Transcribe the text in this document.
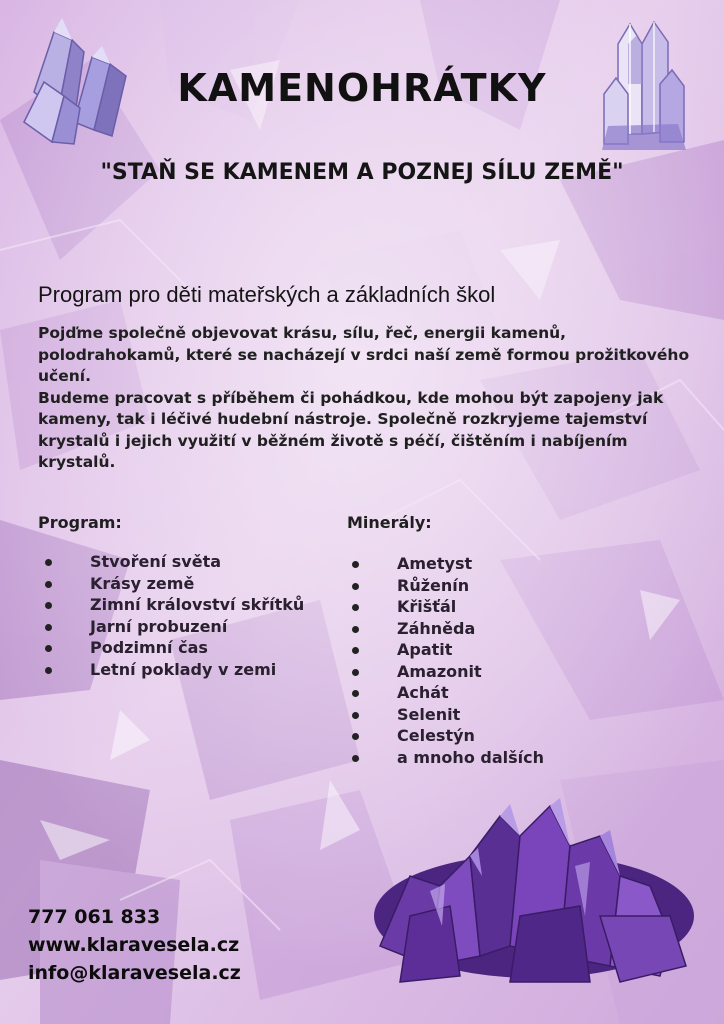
KAMENOHRÁTKY
"STAŇ SE KAMENEM A POZNEJ SÍLU ZEMĚ"
Program pro děti mateřských a základních škol

Pojďme společně objevovat krásu, sílu, řeč, energii kamenů, polodrahokamů, které se nacházejí v srdci naší země formou prožitkového učení.

Budeme pracovat s příběhem či pohádkou, kde mohou být zapojeny jak kameny, tak i léčivé hudební nástroje. Společně rozkryjeme tajemství krystalů i jejich využití v běžném životě s péčí, čištěním i nabíjením krystalů.

Program:	Minerály:
Stvoření světa
Krásy země
Zimní království skřítků
Jarní probuzení
Podzimní čas
Letní poklady v zemi
Ametyst
Růženín
Křišťál
Záhněda
Apatit
Amazonit
Achát
Selenit
Celestýn
a mnoho dalších
777 061 833
www.klaravesela.cz
info@klaravesela.cz
